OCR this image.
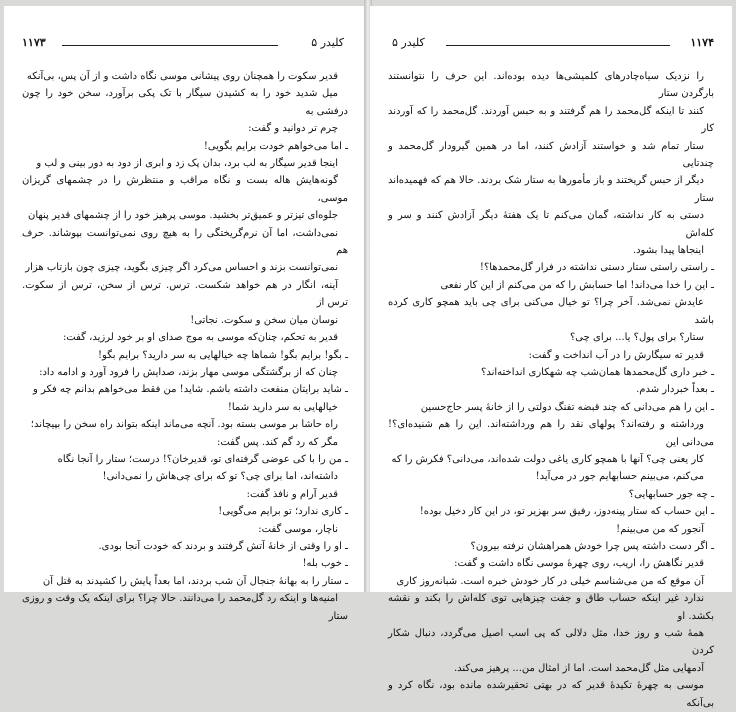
۱۱۷۳	کلیدر ۵

قدیر سکوت را همچنان روی پیشانی موسی نگاه داشت و از آن پس، بی‌آنکه

میل شدید خود را به کشیدن سیگار با تک پکی برآورد، سخن خود را چون درفشی به

چرم تر دوانید و گفت:

ـ اما می‌خواهم خودت برایم بگویی!

اینجا قدیر سیگار به لب برد، بدان پک زد و ابری از دود به دور بینی و لب و

گونه‌هایش هاله بست و نگاه مراقب و منتظرش را در چشمهای گریزان موسی،

جلوه‌ای تیزتر و عمیق‌تر بخشید. موسی پرهیز خود را از چشمهای قدیر پنهان

نمی‌داشت، اما آن نرم‌گریختگی را به هیچ روی نمی‌توانست بپوشاند. حرف هم

نمی‌توانست بزند و احساس می‌کرد اگر چیزی بگوید، چیزی چون بازتاب هزار

آینه، انگار در هم خواهد شکست. ترس. ترس از سخن، ترس از سکوت. ترس از

نوسان میان سخن و سکوت. نجاتی!

قدیر به تحکم، چنان‌که موسی به موج صدای او بر خود لرزید، گفت:

ـ بگو! برایم بگو! شماها چه خیالهایی به سر دارید؟ برایم بگو!

چنان که از برگشتگی موسی مهار بزند، صدایش را فرود آورد و ادامه داد:

ـ شاید برایتان منفعت داشته باشم. شاید! من فقط می‌خواهم بدانم چه فکر و

خیالهایی به سر دارید شما!

راه حاشا بر موسی بسته بود. آنچه می‌ماند اینکه بتواند راه سخن را بپیچاند؛

مگر که رد گم کند. پس گفت:

ـ من را با کی عوضی گرفته‌ای تو، قدیرخان؟! درست؛ ستار را آنجا نگاه

داشته‌اند، اما برای چی؟ تو که برای چی‌هاش را نمی‌دانی!

قدیر آرام و نافذ گفت:

ـ کاری ندارد؛ تو برایم می‌گویی!

ناچار، موسی گفت:

ـ او را وقتی از خانهٔ آتش گرفتند و بردند که خودت آنجا بودی.

ـ خوب بله!

ـ ستار را به بهانهٔ جنجال آن شب بردند، اما بعداً پایش را کشیدند به قتل آن

امنیه‌ها و اینکه رد گل‌محمد را می‌دانند. حالا چرا؟ برای اینکه یک وقت و روزی ستار

کلیدر ۵	۱۱۷۴

را نزدیک سیاه‌چادرهای کلمیشی‌ها دیده بوده‌اند. این حرف را نتوانستند بارگردن ستار

کنند تا اینکه گل‌محمد را هم گرفتند و به حبس آوردند. گل‌محمد را که آوردند کار

ستار تمام شد و خواستند آزادش کنند، اما در همین گیرودار گل‌محمد و چندتایی

دیگر از حبس گریختند و باز مأمورها به ستار شک بردند. حالا هم که فهمیده‌اند ستار

دستی به کار نداشته، گمان می‌کنم تا یک هفتهٔ دیگر آزادش کنند و سر و کله‌اش

اینجاها پیدا بشود.

ـ راستی راستی ستار دستی نداشته در فرار گل‌محمدها؟!

ـ این را خدا می‌داند! اما حسابش را که من می‌کنم از این کار نفعی

عایدش نمی‌شد. آخر چرا؟ تو خیال می‌کنی برای چی باید همچو کاری کرده باشد

ستار؟ برای پول؟ یا... برای چی؟

قدیر ته سیگارش را در آب انداخت و گفت:

ـ خبر داری گل‌محمدها همان‌شب چه شهکاری انداخته‌اند؟

ـ بعداً خبردار شدم.

ـ این را هم می‌دانی که چند قبضه تفنگ دولتی را از خانهٔ پسر حاج‌حسین

ورداشته و رفته‌اند؟ پولهای نقد را هم ورداشته‌اند. این را هم شنیده‌ای؟! می‌دانی این

کار یعنی چی؟ آنها با همچو کاری یاغی دولت شده‌اند، می‌دانی؟ فکرش را که

می‌کنم، می‌بینم حسابهایم جور در می‌آید!

ـ چه جور حسابهایی؟

ـ این حساب که ستار پینه‌دوز، رفیق سر بهزیر تو، در این کار دخیل بوده!

آنجور که من می‌بینم!

ـ اگر دست داشته پس چرا خودش همراهشان نرفته بیرون؟

قدیر نگاهش را، اریب، روی چهرهٔ موسی نگاه داشت و گفت:

آن موقع که من می‌شناسم خیلی در کار خودش خبره است. شبانه‌روز کاری

ندارد غیر اینکه حساب طاق و جفت چیزهایی توی کله‌اش را بکند و نقشه بکشد. او

همهٔ شب و روز خدا، مثل دلالی که پی اسب اصیل می‌گردد، دنبال شکار کردن

آدمهایی مثل گل‌محمد است. اما از امثال من... پرهیز می‌کند.

موسی به چهرهٔ تکیدهٔ قدیر که در بهتی تحقیرشده مانده بود، نگاه کرد و بی‌آنکه
